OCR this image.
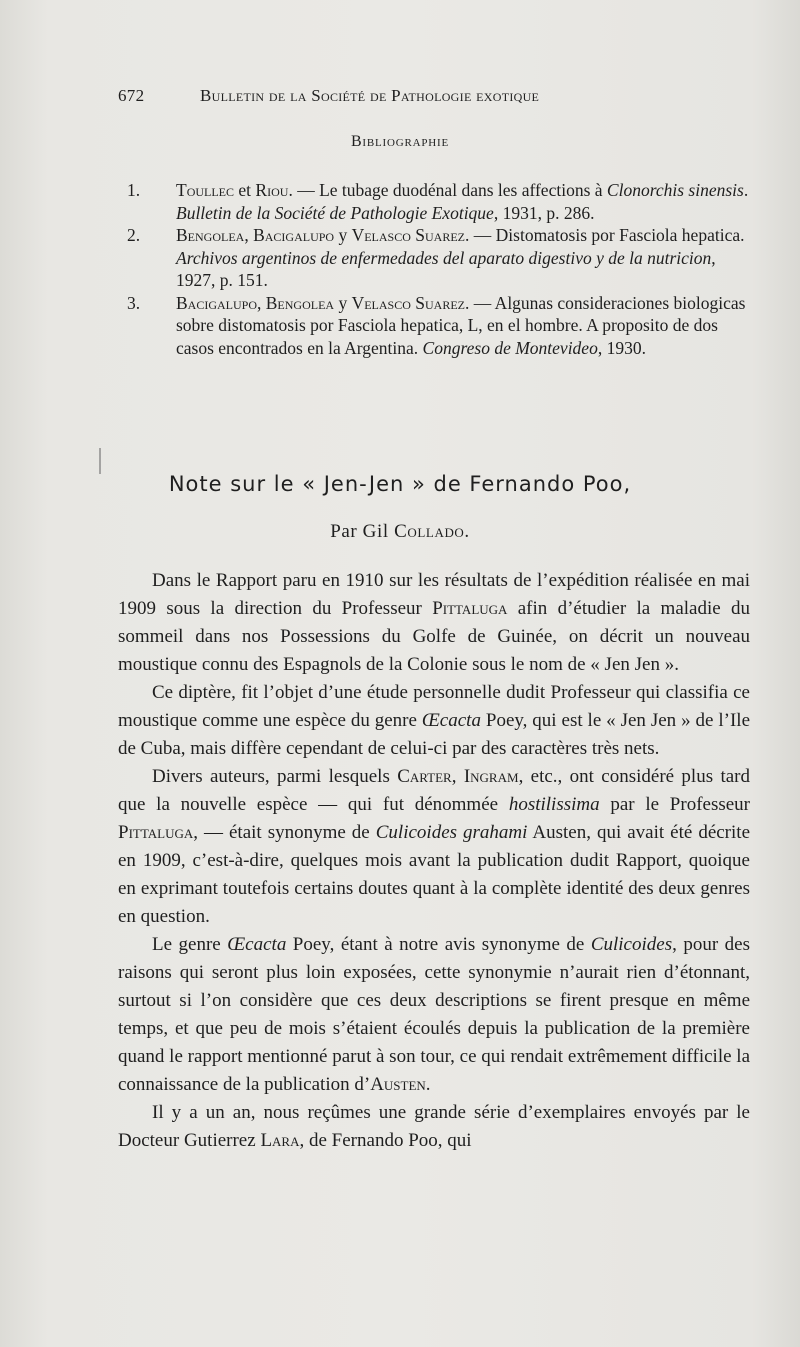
672	Bulletin de la Société de Pathologie exotique
Bibliographie
1. Toullec et Riou. — Le tubage duodénal dans les affections à Clonorchis sinensis. Bulletin de la Société de Pathologie Exotique, 1931, p. 286.
2. Bengolea, Bacigalupo y Velasco Suarez. — Distomatosis por Fasciola hepatica. Archivos argentinos de enfermedades del aparato digestivo y de la nutricion, 1927, p. 151.
3. Bacigalupo, Bengolea y Velasco Suarez. — Algunas consideraciones biologicas sobre distomatosis por Fasciola hepatica, L, en el hombre. A proposito de dos casos encontrados en la Argentina. Congreso de Montevideo, 1930.
Note sur le « Jen-Jen » de Fernando Poo,
Par Gil Collado.

Dans le Rapport paru en 1910 sur les résultats de l’expédition réalisée en mai 1909 sous la direction du Professeur Pittaluga afin d’étudier la maladie du sommeil dans nos Possessions du Golfe de Guinée, on décrit un nouveau moustique connu des Espagnols de la Colonie sous le nom de « Jen Jen ».

Ce diptère, fit l’objet d’une étude personnelle dudit Professeur qui classifia ce moustique comme une espèce du genre Œcacta Poey, qui est le « Jen Jen » de l’Ile de Cuba, mais diffère cependant de celui-ci par des caractères très nets.

Divers auteurs, parmi lesquels Carter, Ingram, etc., ont considéré plus tard que la nouvelle espèce — qui fut dénommée hostilissima par le Professeur Pittaluga, — était synonyme de Culicoides grahami Austen, qui avait été décrite en 1909, c’est-à-dire, quelques mois avant la publication dudit Rapport, quoique en exprimant toutefois certains doutes quant à la complète identité des deux genres en question.

Le genre Œcacta Poey, étant à notre avis synonyme de Culicoides, pour des raisons qui seront plus loin exposées, cette synonymie n’aurait rien d’étonnant, surtout si l’on considère que ces deux descriptions se firent presque en même temps, et que peu de mois s’étaient écoulés depuis la publication de la première quand le rapport mentionné parut à son tour, ce qui rendait extrêmement difficile la connaissance de la publication d’Austen.

Il y a un an, nous reçûmes une grande série d’exemplaires envoyés par le Docteur Gutierrez Lara, de Fernando Poo, qui
